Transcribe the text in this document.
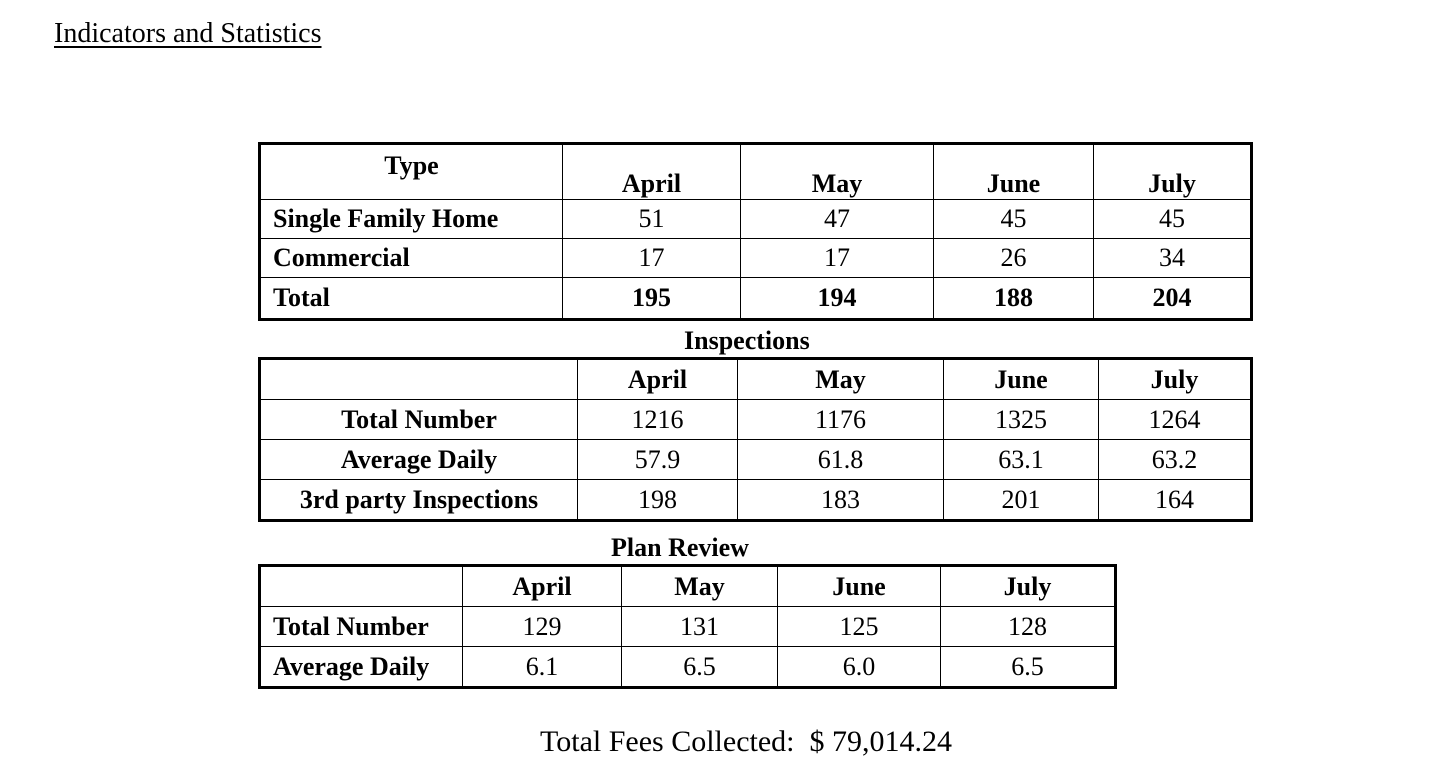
Indicators and Statistics
Type	April	May	June	July
Single Family Home	51	47	45	45
Commercial	17	17	26	34
Total	195	194	188	204
Inspections
	April	May	June	July
Total Number	1216	1176	1325	1264
Average Daily	57.9	61.8	63.1	63.2
3rd party Inspections	198	183	201	164
Plan Review
	April	May	June	July
Total Number	129	131	125	128
Average Daily	6.1	6.5	6.0	6.5
Total Fees Collected: $ 79,014.24
